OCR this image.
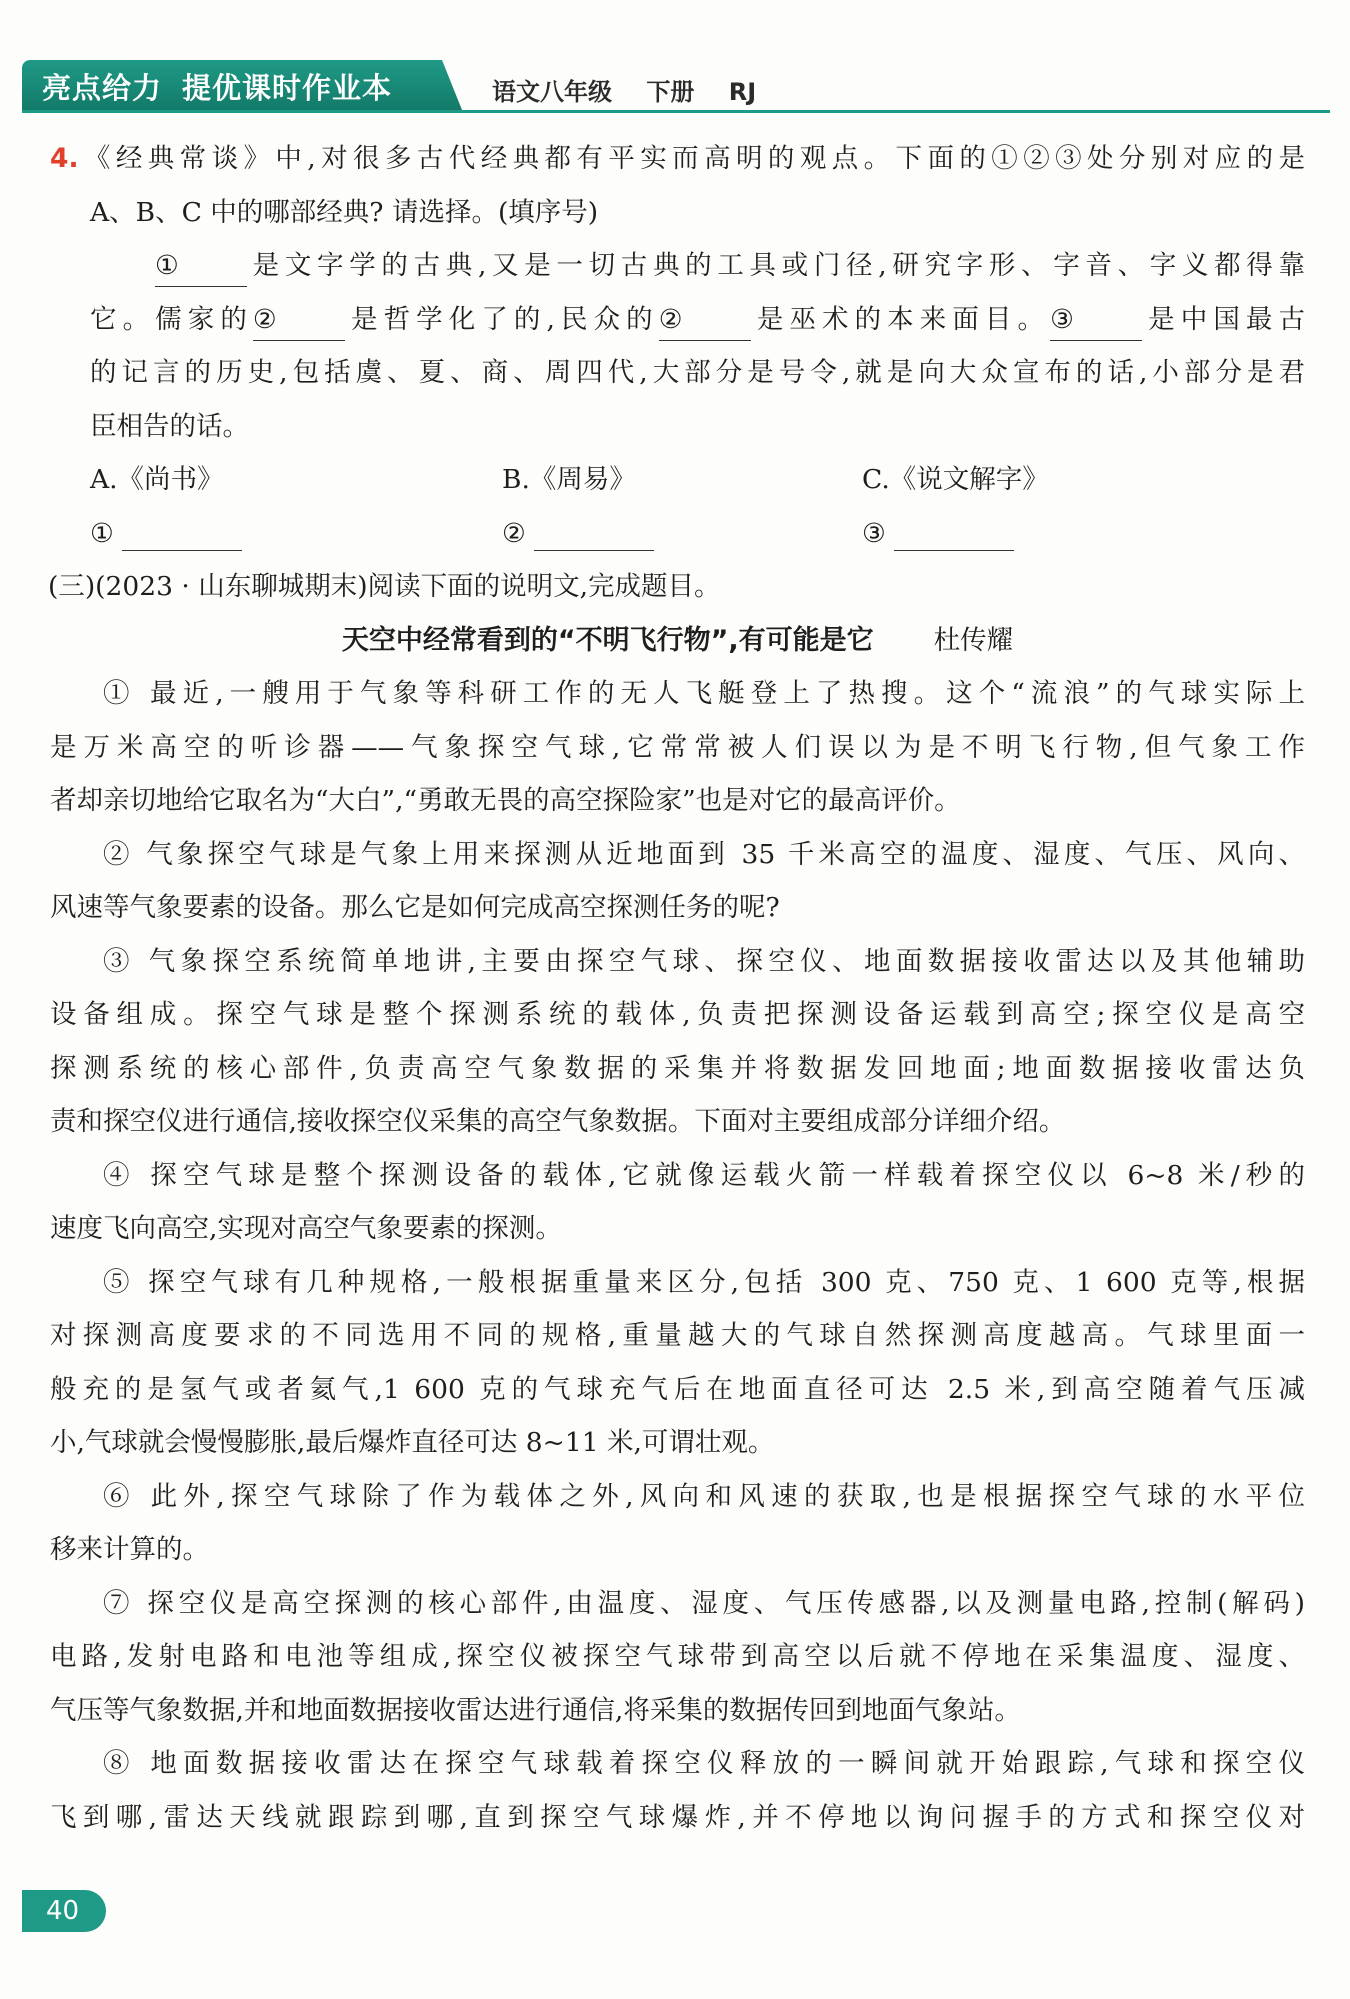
亮点给力 提优课时作业本	语文八年级 下册 RJ
4.《经典常谈》中,对很多古代经典都有平实而高明的观点。下面的①②③处分别对应的是
A、B、C 中的哪部经典? 请选择。(填序号)
①	是文字学的古典,又是一切古典的工具或门径,研究字形、字音、字义都得靠
它。儒家的②	是哲学化了的,民众的②	是巫术的本来面目。③	是中国最古
的记言的历史,包括虞、夏、商、周四代,大部分是号令,就是向大众宣布的话,小部分是君
臣相告的话。
A.《尚书》	B.《周易》	C.《说文解字》
①	②	③
(三)(2023 · 山东聊城期末)阅读下面的说明文,完成题目。
天空中经常看到的“不明飞行物”,有可能是它 杜传耀
① 最近,一艘用于气象等科研工作的无人飞艇登上了热搜。这个“流浪”的气球实际上
是万米高空的听诊器——气象探空气球,它常常被人们误以为是不明飞行物,但气象工作
者却亲切地给它取名为“大白”,“勇敢无畏的高空探险家”也是对它的最高评价。
② 气象探空气球是气象上用来探测从近地面到 35 千米高空的温度、湿度、气压、风向、
风速等气象要素的设备。那么它是如何完成高空探测任务的呢?
③ 气象探空系统简单地讲,主要由探空气球、探空仪、地面数据接收雷达以及其他辅助
设备组成。探空气球是整个探测系统的载体,负责把探测设备运载到高空;探空仪是高空
探测系统的核心部件,负责高空气象数据的采集并将数据发回地面;地面数据接收雷达负
责和探空仪进行通信,接收探空仪采集的高空气象数据。下面对主要组成部分详细介绍。
④ 探空气球是整个探测设备的载体,它就像运载火箭一样载着探空仪以 6~8 米/秒的
速度飞向高空,实现对高空气象要素的探测。
⑤ 探空气球有几种规格,一般根据重量来区分,包括 300 克、750 克、1 600 克等,根据
对探测高度要求的不同选用不同的规格,重量越大的气球自然探测高度越高。气球里面一
般充的是氢气或者氦气,1 600 克的气球充气后在地面直径可达 2.5 米,到高空随着气压减
小,气球就会慢慢膨胀,最后爆炸直径可达 8~11 米,可谓壮观。
⑥ 此外,探空气球除了作为载体之外,风向和风速的获取,也是根据探空气球的水平位
移来计算的。
⑦ 探空仪是高空探测的核心部件,由温度、湿度、气压传感器,以及测量电路,控制(解码)
电路,发射电路和电池等组成,探空仪被探空气球带到高空以后就不停地在采集温度、湿度、
气压等气象数据,并和地面数据接收雷达进行通信,将采集的数据传回到地面气象站。
⑧ 地面数据接收雷达在探空气球载着探空仪释放的一瞬间就开始跟踪,气球和探空仪
飞到哪,雷达天线就跟踪到哪,直到探空气球爆炸,并不停地以询问握手的方式和探空仪对
40
